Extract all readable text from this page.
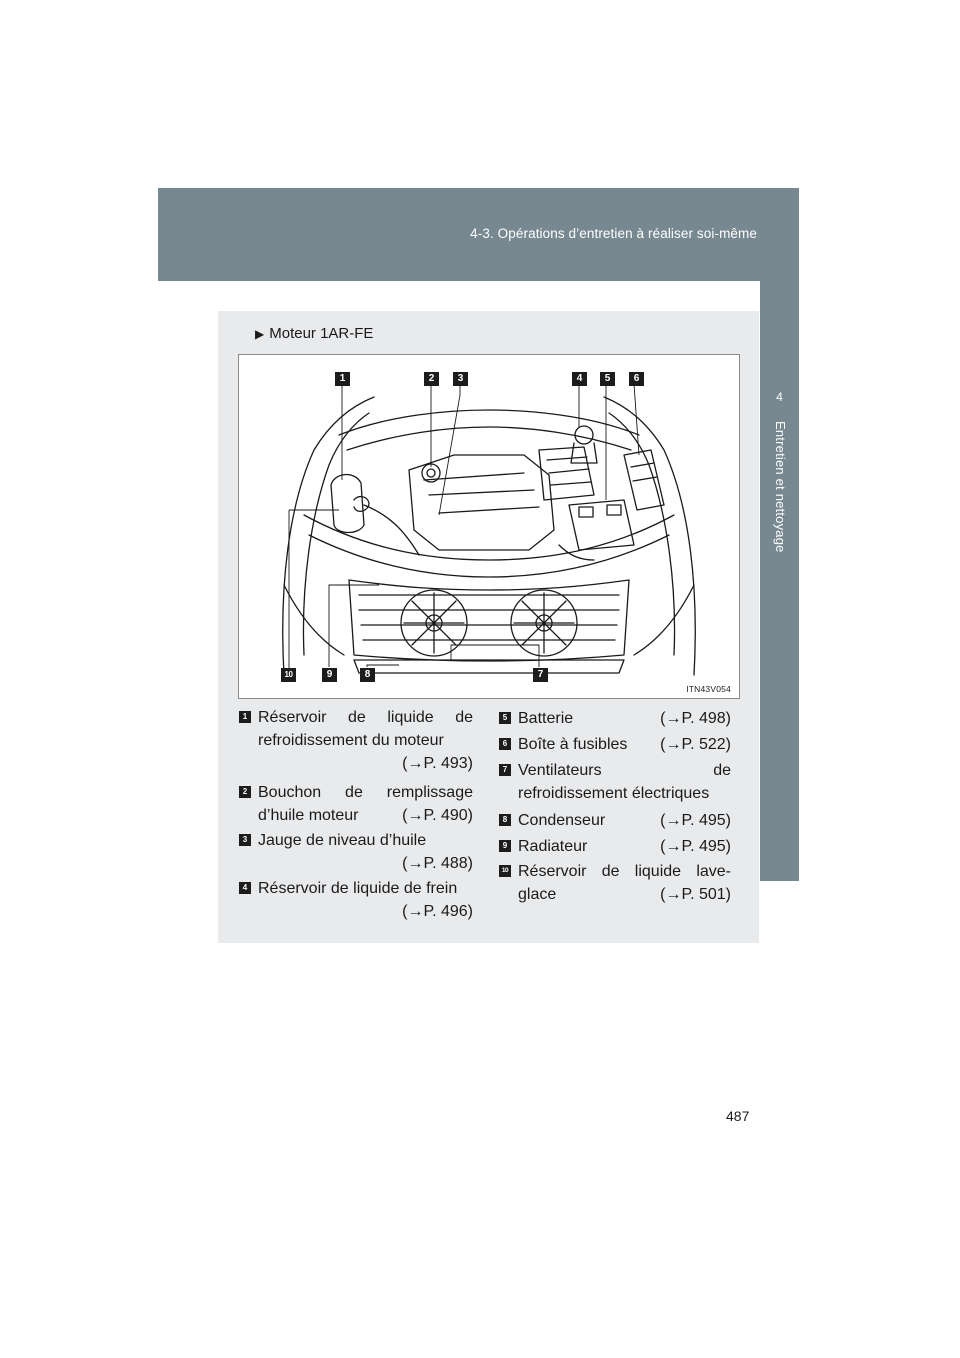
4-3. Opérations d’entretien à réaliser soi-même
4
Entretien et nettoyage
▶ Moteur 1AR-FE
1	2	3	4	5	6
7
8
9
10
ITN43V054
1 Réservoir de liquide de
refroidissement du moteur
(→P. 493)
2 Bouchon de remplissage
d’huile moteur	(→P. 490)
3 Jauge de niveau d’huile
(→P. 488)
4 Réservoir de liquide de frein
(→P. 496)
5 Batterie	(→P. 498)
6 Boîte à fusibles (→P. 522)
7 Ventilateurs de
refroidissement électriques
8 Condenseur	(→P. 495)
9 Radiateur	(→P. 495)
10 Réservoir de liquide lave-
glace	(→P. 501)
487
